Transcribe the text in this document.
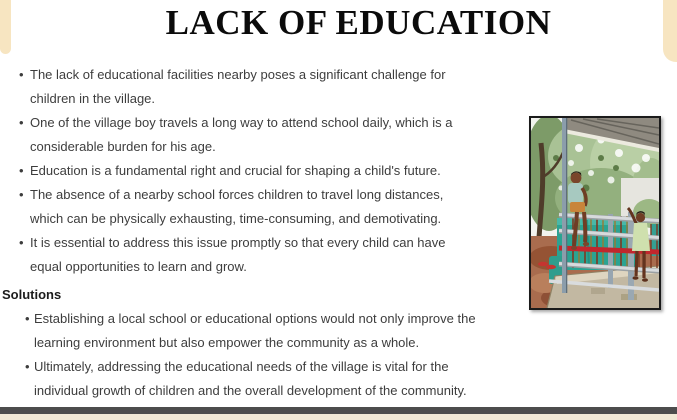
LACK OF EDUCATION
• The lack of educational facilities nearby poses a significant challenge for
children in the village.
• One of the village boy travels a long way to attend school daily, which is a
considerable burden for his age.
• Education is a fundamental right and crucial for shaping a child's future.
• The absence of a nearby school forces children to travel long distances,
which can be physically exhausting, time-consuming, and demotivating.
• It is essential to address this issue promptly so that every child can have
equal opportunities to learn and grow.
Solutions
• Establishing a local school or educational options would not only improve the
learning environment but also empower the community as a whole.
• Ultimately, addressing the educational needs of the village is vital for the
individual growth of children and the overall development of the community.
